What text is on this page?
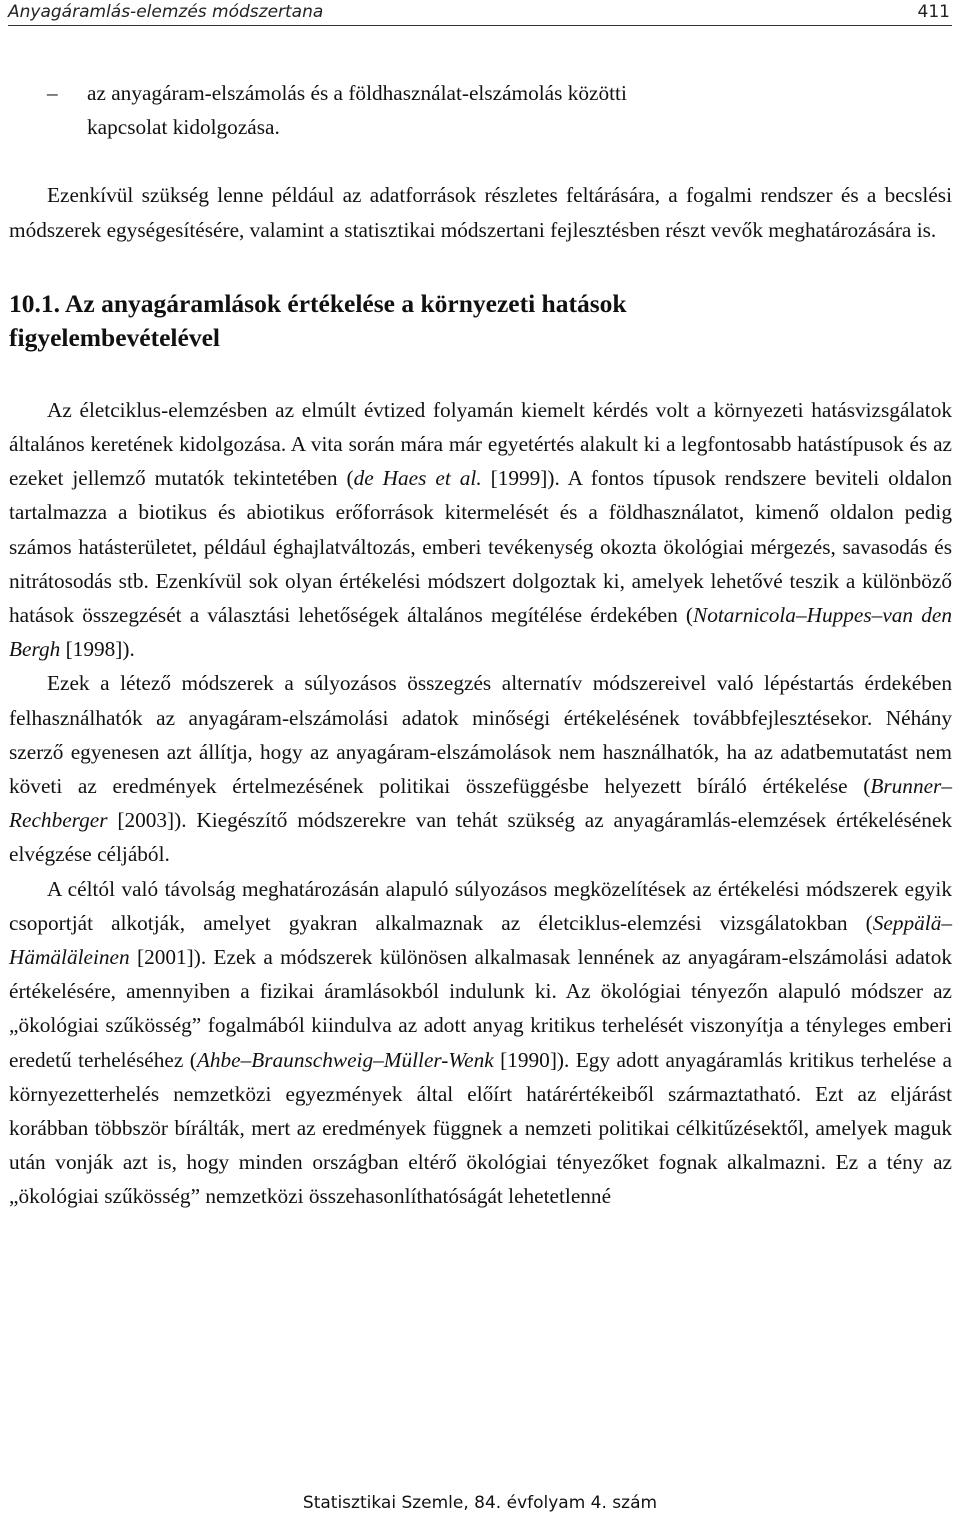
Anyagáramlás-elemzés módszertana	411

– az anyagáram-elszámolás és a földhasználat-elszámolás közötti
kapcsolat kidolgozása.

Ezenkívül szükség lenne például az adatforrások részletes feltárására, a fogalmi rendszer és a becslési módszerek egységesítésére, valamint a statisztikai módszertani fejlesztésben részt vevők meghatározására is.

10.1. Az anyagáramlások értékelése a környezeti hatások
figyelembevételével

Az életciklus-elemzésben az elmúlt évtized folyamán kiemelt kérdés volt a környezeti hatásvizsgálatok általános keretének kidolgozása. A vita során mára már egyetértés alakult ki a legfontosabb hatástípusok és az ezeket jellemző mutatók tekintetében (de Haes et al. [1999]). A fontos típusok rendszere beviteli oldalon tartalmazza a biotikus és abiotikus erőforrások kitermelését és a földhasználatot, kimenő oldalon pedig számos hatásterületet, például éghajlatváltozás, emberi tevékenység okozta ökológiai mérgezés, savasodás és nitrátosodás stb. Ezenkívül sok olyan értékelési módszert dolgoztak ki, amelyek lehetővé teszik a különböző hatások összegzését a választási lehetőségek általános megítélése érdekében (Notarnicola–Huppes–van den Bergh [1998]).

Ezek a létező módszerek a súlyozásos összegzés alternatív módszereivel való lépéstartás érdekében felhasználhatók az anyagáram-elszámolási adatok minőségi értékelésének továbbfejlesztésekor. Néhány szerző egyenesen azt állítja, hogy az anyagáram-elszámolások nem használhatók, ha az adatbemutatást nem követi az eredmények értelmezésének politikai összefüggésbe helyezett bíráló értékelése (Brunner–Rechberger [2003]). Kiegészítő módszerekre van tehát szükség az anyagáramlás-elemzések értékelésének elvégzése céljából.

A céltól való távolság meghatározásán alapuló súlyozásos megközelítések az értékelési módszerek egyik csoportját alkotják, amelyet gyakran alkalmaznak az életciklus-elemzési vizsgálatokban (Seppälä–Hämäläleinen [2001]). Ezek a módszerek különösen alkalmasak lennének az anyagáram-elszámolási adatok értékelésére, amennyiben a fizikai áramlásokból indulunk ki. Az ökológiai tényezőn alapuló módszer az „ökológiai szűkösség” fogalmából kiindulva az adott anyag kritikus terhelését viszonyítja a tényleges emberi eredetű terheléséhez (Ahbe–Braunschweig–Müller-Wenk [1990]). Egy adott anyagáramlás kritikus terhelése a környezetterhelés nemzetközi egyezmények által előírt határértékeiből származtatható. Ezt az eljárást korábban többször bírálták, mert az eredmények függnek a nemzeti politikai célkitűzésektől, amelyek maguk után vonják azt is, hogy minden országban eltérő ökológiai tényezőket fognak alkalmazni. Ez a tény az „ökológiai szűkösség” nemzetközi összehasonlíthatóságát lehetetlenné

Statisztikai Szemle, 84. évfolyam 4. szám
